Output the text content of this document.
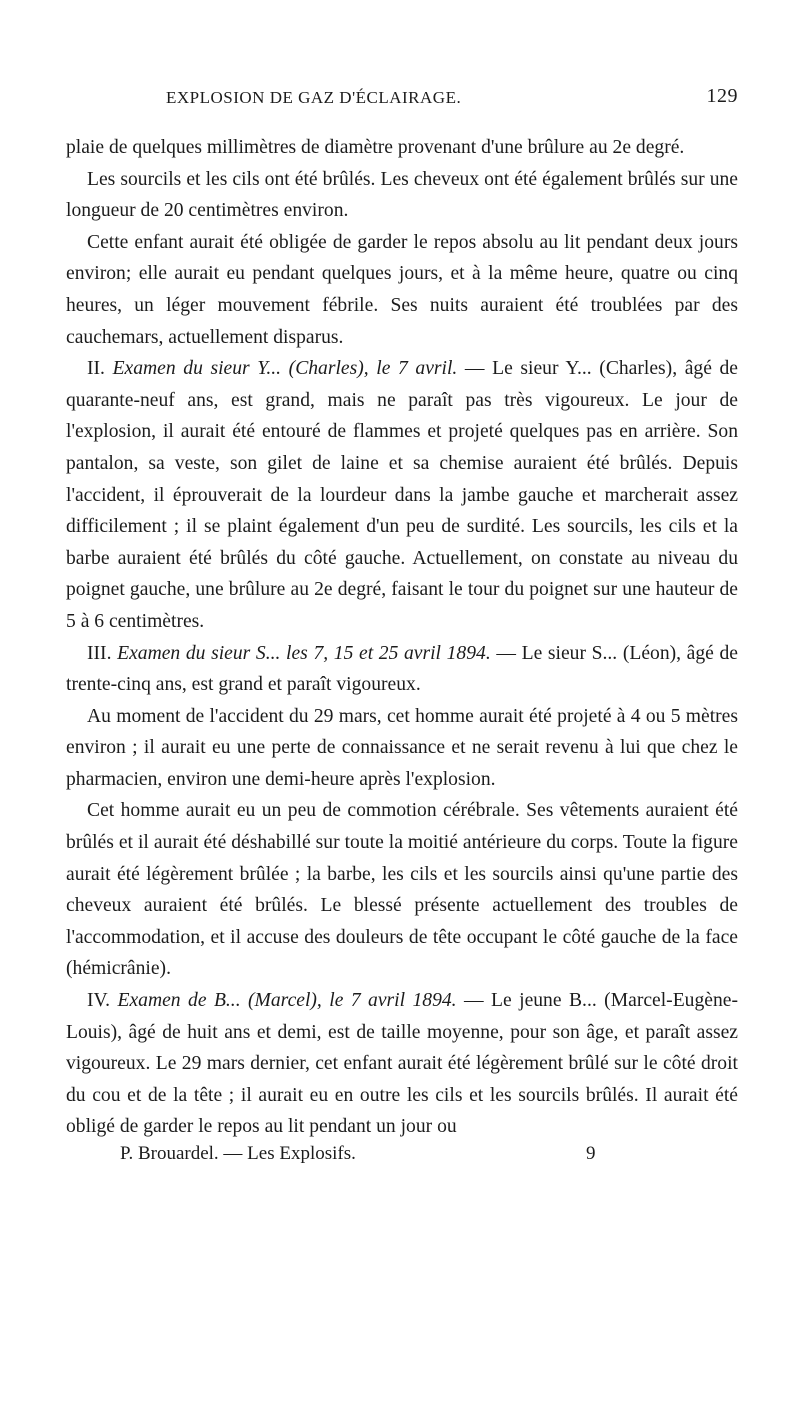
EXPLOSION DE GAZ D'ÉCLAIRAGE.	129

plaie de quelques millimètres de diamètre provenant d'une brûlure au 2e degré.

Les sourcils et les cils ont été brûlés. Les cheveux ont été également brûlés sur une longueur de 20 centimètres environ.

Cette enfant aurait été obligée de garder le repos absolu au lit pendant deux jours environ; elle aurait eu pendant quelques jours, et à la même heure, quatre ou cinq heures, un léger mouvement fébrile. Ses nuits auraient été troublées par des cauchemars, actuellement disparus.

II. Examen du sieur Y... (Charles), le 7 avril. — Le sieur Y... (Charles), âgé de quarante-neuf ans, est grand, mais ne paraît pas très vigoureux. Le jour de l'explosion, il aurait été entouré de flammes et projeté quelques pas en arrière. Son pantalon, sa veste, son gilet de laine et sa chemise auraient été brûlés. Depuis l'accident, il éprouverait de la lourdeur dans la jambe gauche et marcherait assez difficilement ; il se plaint également d'un peu de surdité. Les sourcils, les cils et la barbe auraient été brûlés du côté gauche. Actuellement, on constate au niveau du poignet gauche, une brûlure au 2e degré, faisant le tour du poignet sur une hauteur de 5 à 6 centimètres.

III. Examen du sieur S... les 7, 15 et 25 avril 1894. — Le sieur S... (Léon), âgé de trente-cinq ans, est grand et paraît vigoureux.

Au moment de l'accident du 29 mars, cet homme aurait été projeté à 4 ou 5 mètres environ ; il aurait eu une perte de connaissance et ne serait revenu à lui que chez le pharmacien, environ une demi-heure après l'explosion.

Cet homme aurait eu un peu de commotion cérébrale. Ses vêtements auraient été brûlés et il aurait été déshabillé sur toute la moitié antérieure du corps. Toute la figure aurait été légèrement brûlée ; la barbe, les cils et les sourcils ainsi qu'une partie des cheveux auraient été brûlés. Le blessé présente actuellement des troubles de l'accommodation, et il accuse des douleurs de tête occupant le côté gauche de la face (hémicrânie).

IV. Examen de B... (Marcel), le 7 avril 1894. — Le jeune B... (Marcel-Eugène-Louis), âgé de huit ans et demi, est de taille moyenne, pour son âge, et paraît assez vigoureux. Le 29 mars dernier, cet enfant aurait été légèrement brûlé sur le côté droit du cou et de la tête ; il aurait eu en outre les cils et les sourcils brûlés. Il aurait été obligé de garder le repos au lit pendant un jour ou

P. Brouardel. — Les Explosifs.	9
